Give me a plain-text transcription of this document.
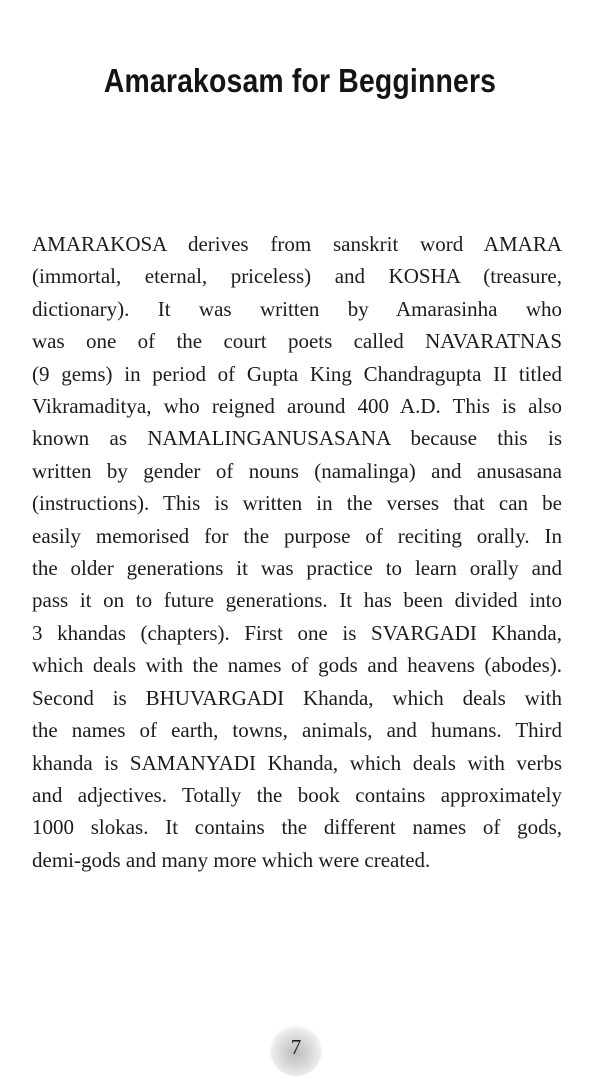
Amarakosam for Begginners
AMARAKOSA derives from sanskrit word AMARA
(immortal, eternal, priceless) and KOSHA (treasure,
dictionary). It was written by Amarasinha who
was one of the court poets called NAVARATNAS
(9 gems) in period of Gupta King Chandragupta II titled
Vikramaditya, who reigned around 400 A.D. This is also
known as NAMALINGANUSASANA because this is
written by gender of nouns (namalinga) and anusasana
(instructions). This is written in the verses that can be
easily memorised for the purpose of reciting orally. In
the older generations it was practice to learn orally and
pass it on to future generations. It has been divided into
3 khandas (chapters). First one is SVARGADI Khanda,
which deals with the names of gods and heavens (abodes).
Second is BHUVARGADI Khanda, which deals with
the names of earth, towns, animals, and humans. Third
khanda is SAMANYADI Khanda, which deals with verbs
and adjectives. Totally the book contains approximately
1000 slokas. It contains the different names of gods,
demi-gods and many more which were created.
7
